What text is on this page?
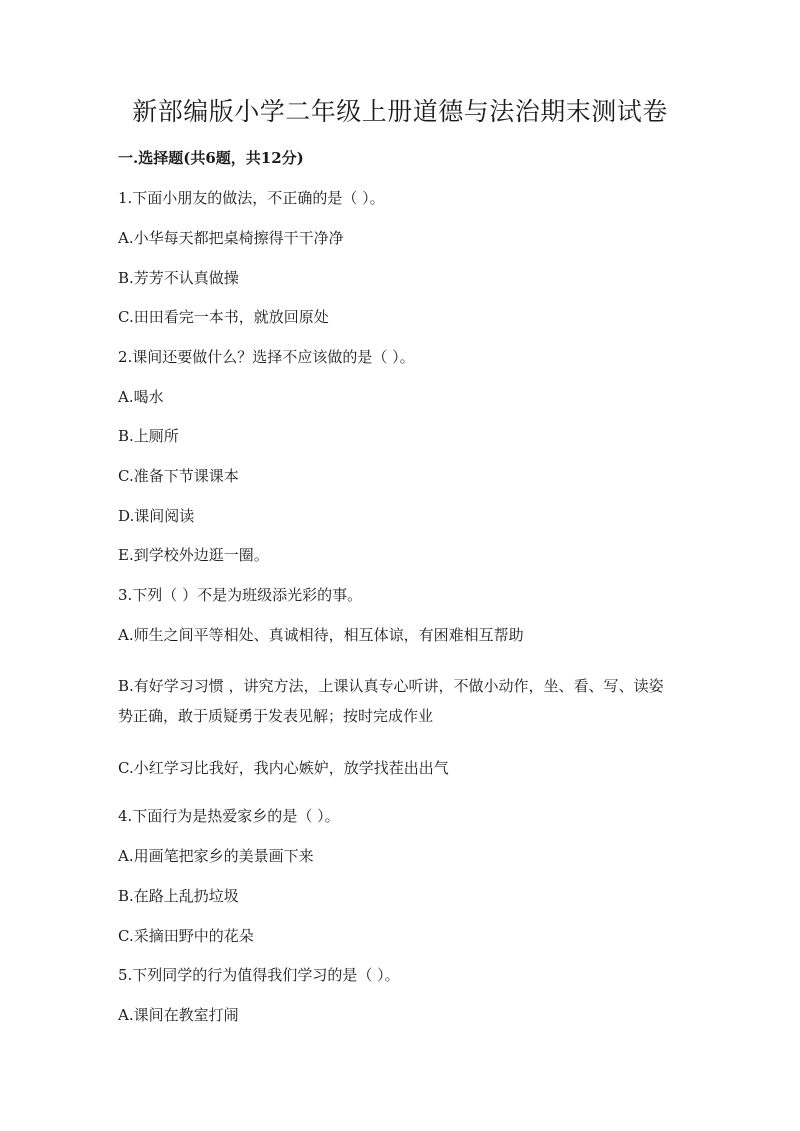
新部编版小学二年级上册道德与法治期末测试卷
一.选择题(共6题，共12分)
1.下面小朋友的做法，不正确的是（ ）。
A.小华每天都把桌椅擦得干干净净
B.芳芳不认真做操
C.田田看完一本书，就放回原处
2.课间还要做什么？选择不应该做的是（ ）。
A.喝水
B.上厕所
C.准备下节课课本
D.课间阅读
E.到学校外边逛一圈。
3.下列（ ）不是为班级添光彩的事。
A.师生之间平等相处、真诚相待，相互体谅，有困难相互帮助
B.有好学习习惯 ，讲究方法，上课认真专心听讲，不做小动作，坐、看、写、读姿势正确，敢于质疑勇于发表见解；按时完成作业
C.小红学习比我好，我内心嫉妒，放学找茬出出气
4.下面行为是热爱家乡的是（ ）。
A.用画笔把家乡的美景画下来
B.在路上乱扔垃圾
C.采摘田野中的花朵
5.下列同学的行为值得我们学习的是（ ）。
A.课间在教室打闹
